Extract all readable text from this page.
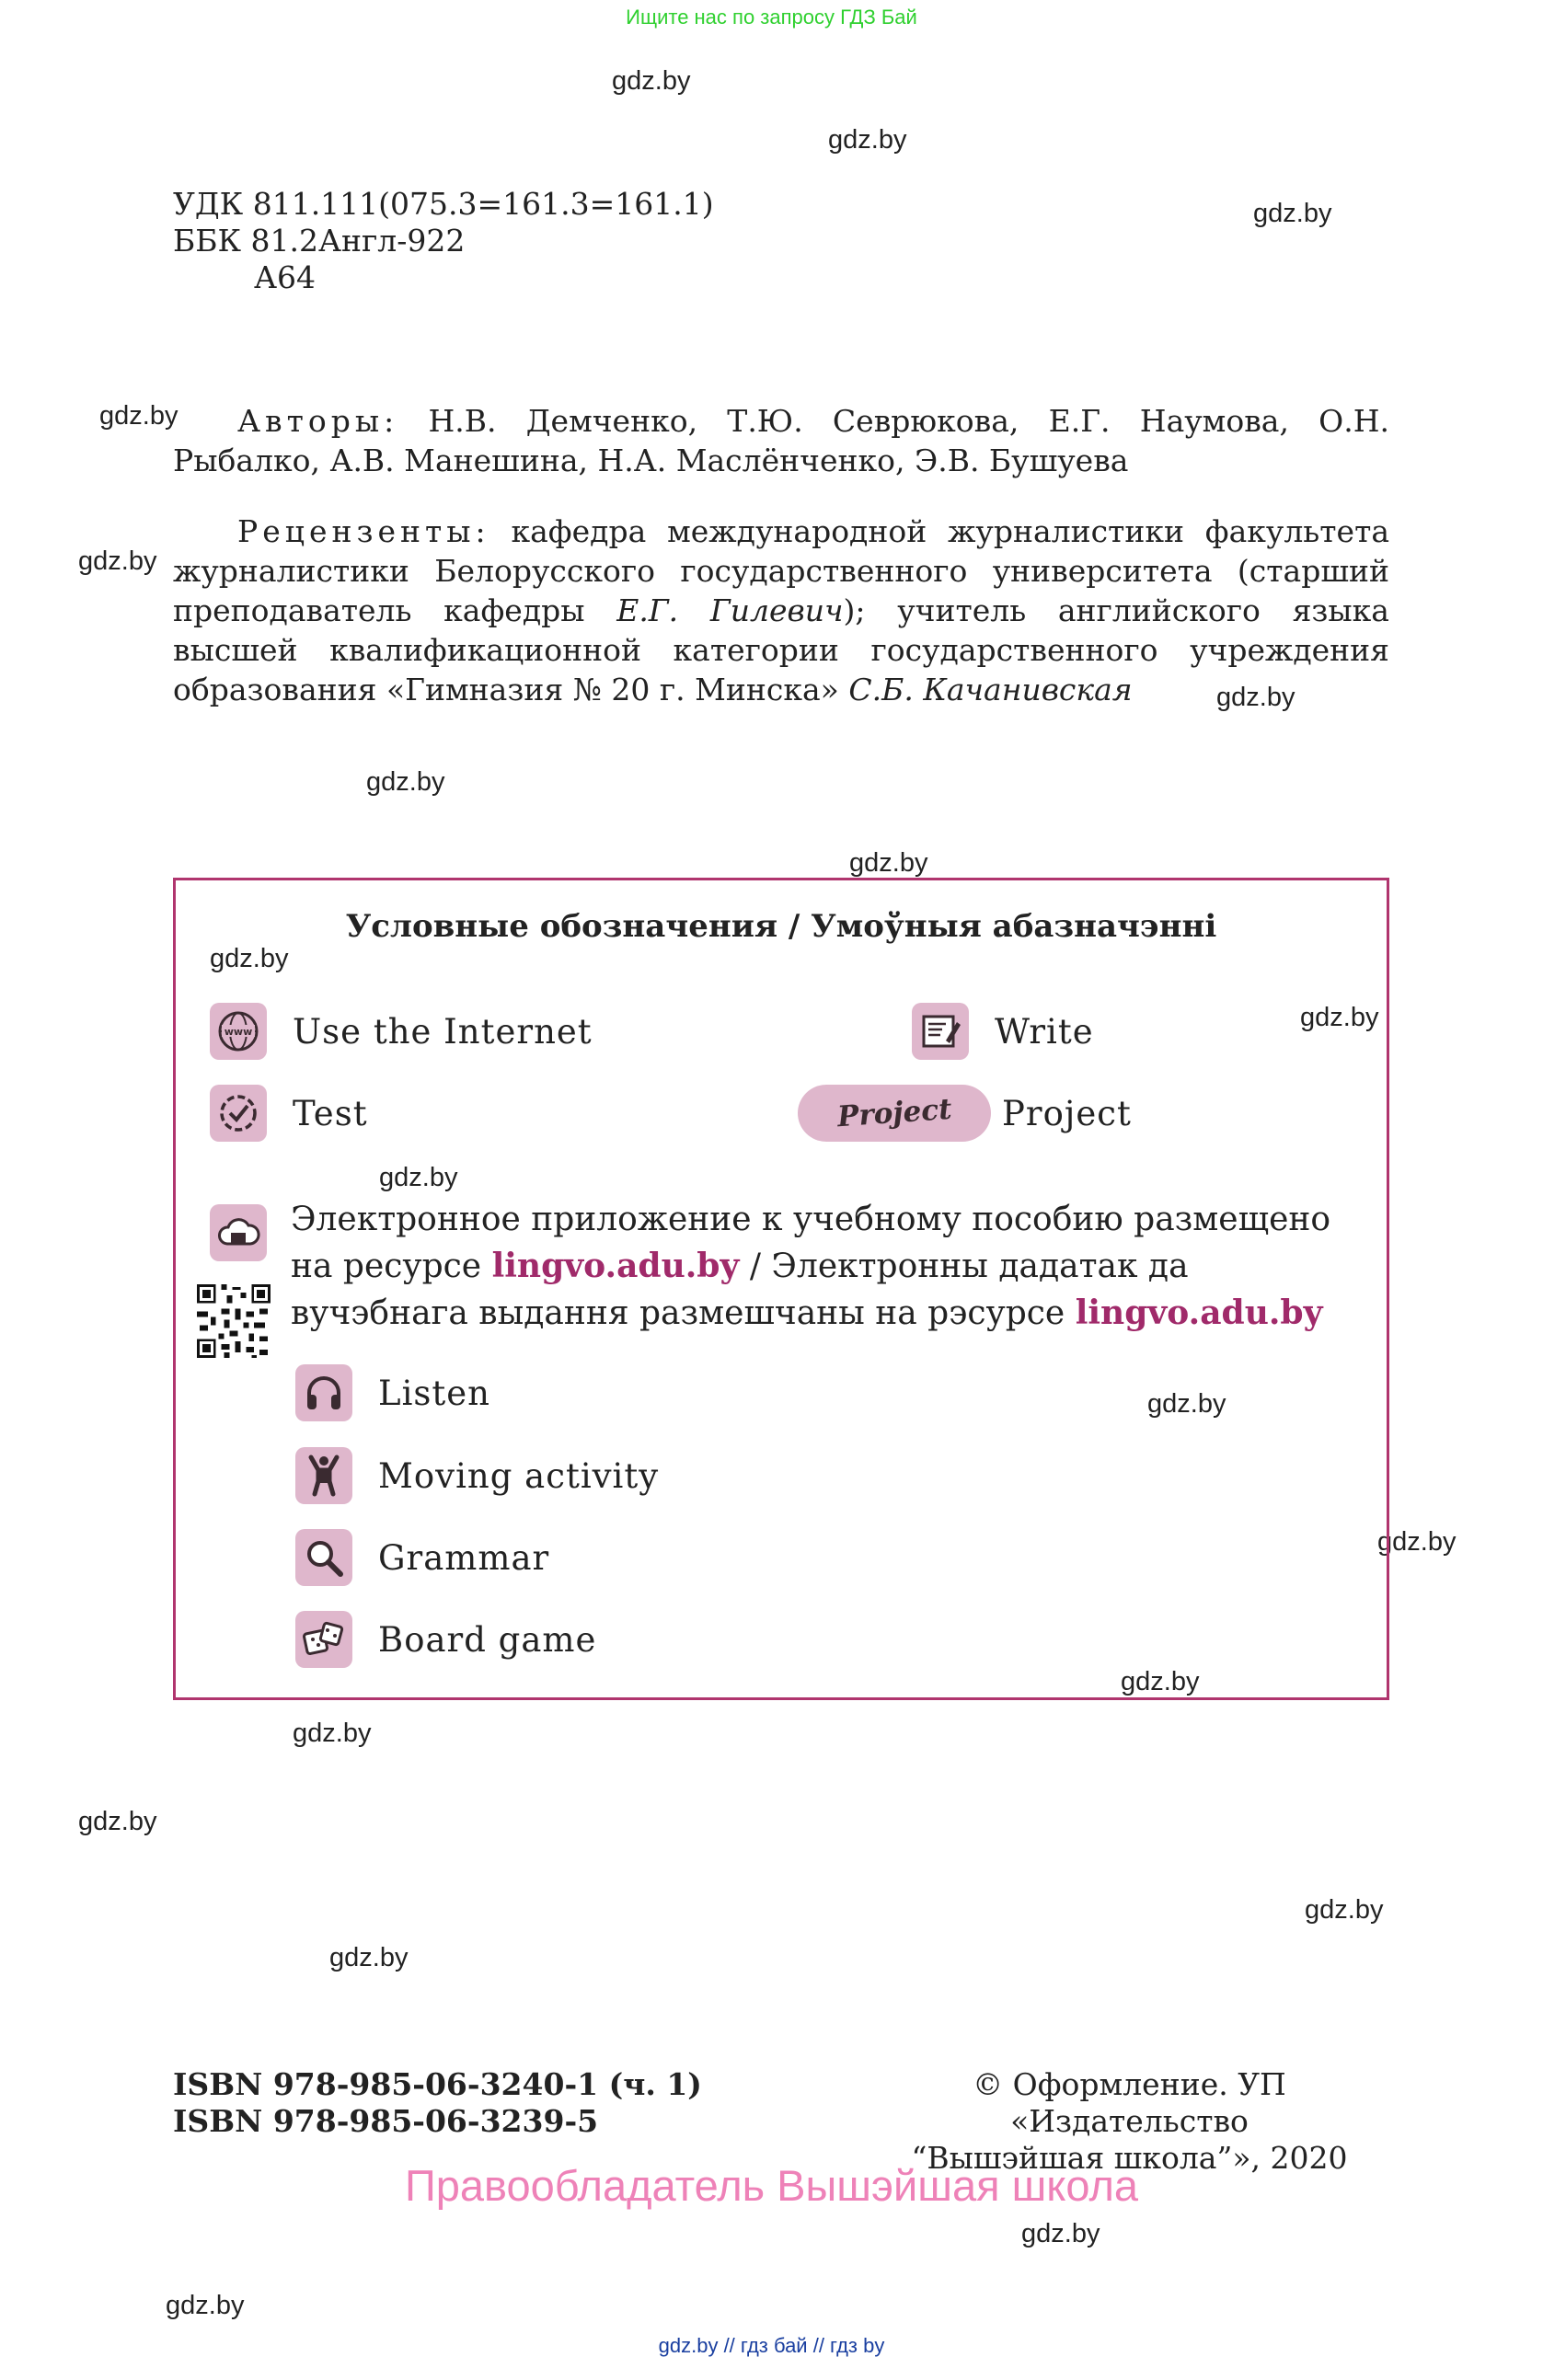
Ищите нас по запросу ГДЗ Бай
gdz.by
gdz.by
gdz.by
gdz.by
gdz.by
gdz.by
gdz.by
gdz.by
gdz.by
gdz.by
gdz.by
gdz.by
gdz.by
gdz.by
gdz.by
gdz.by
gdz.by
gdz.by
gdz.by
gdz.by
УДК 811.111(075.3=161.3=161.1)
ББК 81.2Англ-922
А64
Авторы: Н.В. Демченко, Т.Ю. Севрюкова, Е.Г. Наумова, О.Н. Рыбалко, А.В. Манешина, Н.А. Маслёнченко, Э.В. Бушуева
Рецензенты: кафедра международной журналистики факультета журналистики Белорусского государственного университета (старший преподаватель кафедры Е.Г. Гилевич); учитель английского языка высшей квалификационной категории государственного учреждения образования «Гимназия № 20 г. Минска» С.Б. Качанивская
Условные обозначения / Умоўныя абазначэнні
www Use the Internet	Write
Test	Project Project
Электронное приложение к учебному пособию размещено на ресурсе lingvo.adu.by / Электронны дадатак да вучэбнага выдання размешчаны на рэсурсе lingvo.adu.by
Listen
Moving activity
Grammar
Board game
ISBN 978-985-06-3240-1 (ч. 1)
ISBN 978-985-06-3239-5
© Оформление. УП «Издательство
“Вышэйшая школа”», 2020
Правообладатель Вышэйшая школа
gdz.by // гдз бай // гдз by
